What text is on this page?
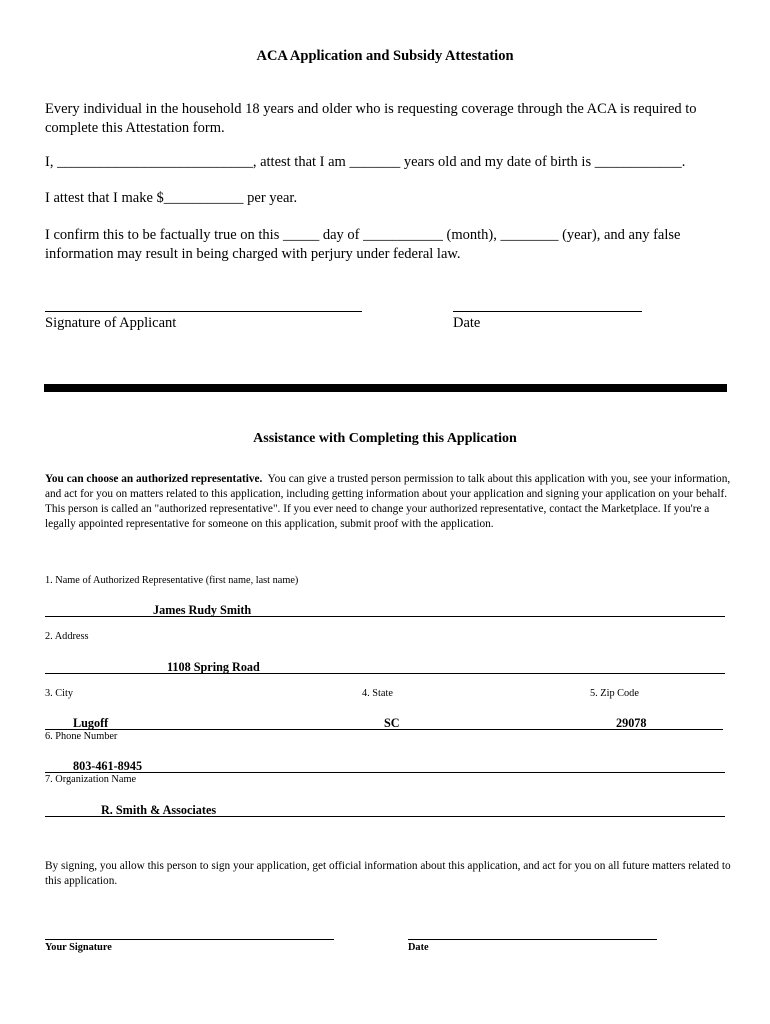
ACA Application and Subsidy Attestation
Every individual in the household 18 years and older who is requesting coverage through the ACA is required to complete this Attestation form.
I, ___________________________, attest that I am _______ years old and my date of birth is ____________.
I attest that I make $___________ per year.
I confirm this to be factually true on this _____ day of ___________ (month), ________ (year), and any false information may result in being charged with perjury under federal law.
Signature of Applicant	Date
Assistance with Completing this Application
You can choose an authorized representative. You can give a trusted person permission to talk about this application with you, see your information, and act for you on matters related to this application, including getting information about your application and signing your application on your behalf. This person is called an "authorized representative". If you ever need to change your authorized representative, contact the Marketplace. If you're a legally appointed representative for someone on this application, submit proof with the application.
1. Name of Authorized Representative (first name, last name)
James Rudy Smith
2. Address
1108 Spring Road
3. City	4. State	5. Zip Code
Lugoff	SC	29078
6. Phone Number
803-461-8945
7. Organization Name
R. Smith & Associates
By signing, you allow this person to sign your application, get official information about this application, and act for you on all future matters related to this application.
Your Signature	Date
